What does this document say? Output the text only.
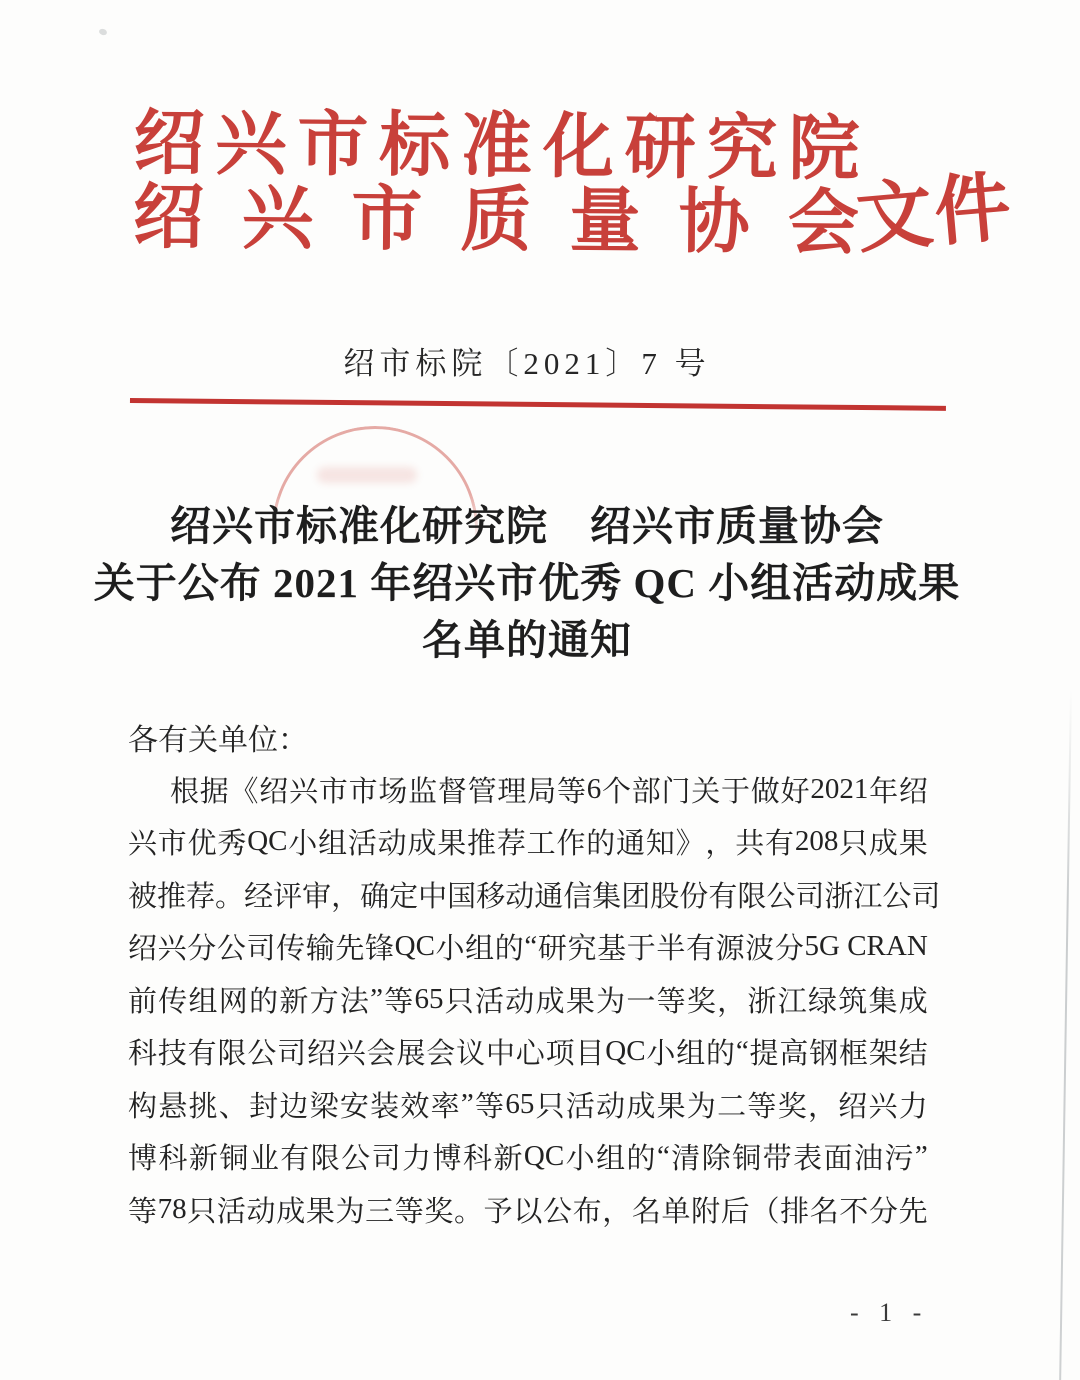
绍 兴 市 标 准 化 研 究 院
绍 兴 市 质 量 协 会
文件
绍市标院〔2021〕7 号
绍兴市标准化研究院　绍兴市质量协会
关于公布 2021 年绍兴市优秀 QC 小组活动成果
名单的通知
各有关单位：
根 据 《 绍 兴 市 市 场 监 督 管 理 局 等 6 个 部 门 关 于 做 好 2021 年 绍
兴 市 优 秀 QC 小 组 活 动 成 果 推 荐 工 作 的 通 知 》 ， 共 有 208 只 成 果
被 推 荐 。 经 评 审 ， 确 定 中 国 移 动 通 信 集 团 股 份 有 限 公 司 浙 江 公 司
绍 兴 分 公 司 传 输 先 锋 QC 小 组 的 “ 研 究 基 于 半 有 源 波 分 5G CRAN
前 传 组 网 的 新 方 法 ” 等 65 只 活 动 成 果 为 一 等 奖 ， 浙 江 绿 筑 集 成
科 技 有 限 公 司 绍 兴 会 展 会 议 中 心 项 目 QC 小 组 的 “ 提 高 钢 框 架 结
构 悬 挑 、 封 边 梁 安 装 效 率 ” 等 65 只 活 动 成 果 为 二 等 奖 ， 绍 兴 力
博 科 新 铜 业 有 限 公 司 力 博 科 新 QC 小 组 的 “ 清 除 铜 带 表 面 油 污 ”
等 78 只 活 动 成 果 为 三 等 奖 。 予 以 公 布 ， 名 单 附 后 （ 排 名 不 分 先
- 1 -
